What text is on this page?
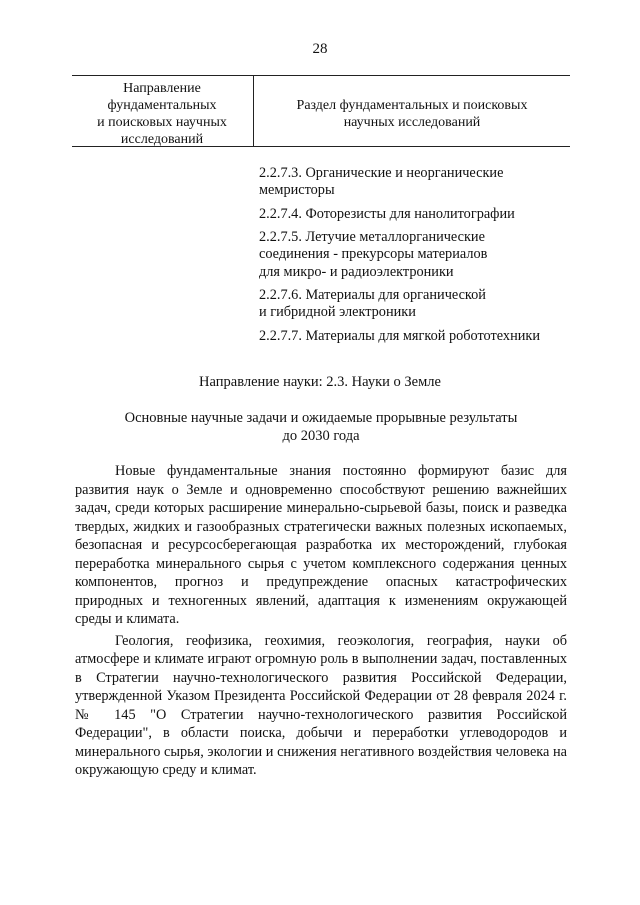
28
Направление
фундаментальных
и поисковых научных
исследований
Раздел фундаментальных и поисковых
научных исследований
2.2.7.3. Органические и неорганические
мемристоры
2.2.7.4. Фоторезисты для нанолитографии
2.2.7.5. Летучие металлорганические
соединения - прекурсоры материалов
для микро- и радиоэлектроники
2.2.7.6. Материалы для органической
и гибридной электроники
2.2.7.7. Материалы для мягкой робототехники
Направление науки: 2.3. Науки о Земле
Основные научные задачи и ожидаемые прорывные результаты
до 2030 года

Новые фундаментальные знания постоянно формируют базис для развития наук о Земле и одновременно способствуют решению важнейших задач, среди которых расширение минерально-сырьевой базы, поиск и разведка твердых, жидких и газообразных стратегически важных полезных ископаемых, безопасная и ресурсосберегающая разработка их месторождений, глубокая переработка минерального сырья с учетом комплексного содержания ценных компонентов, прогноз и предупреждение опасных катастрофических природных и техногенных явлений, адаптация к изменениям окружающей среды и климата.

Геология, геофизика, геохимия, геоэкология, география, науки об атмосфере и климате играют огромную роль в выполнении задач, поставленных в Стратегии научно-технологического развития Российской Федерации, утвержденной Указом Президента Российской Федерации от 28 февраля 2024 г. № 145 "О Стратегии научно-технологического развития Российской Федерации", в области поиска, добычи и переработки углеводородов и минерального сырья, экологии и снижения негативного воздействия человека на окружающую среду и климат.
